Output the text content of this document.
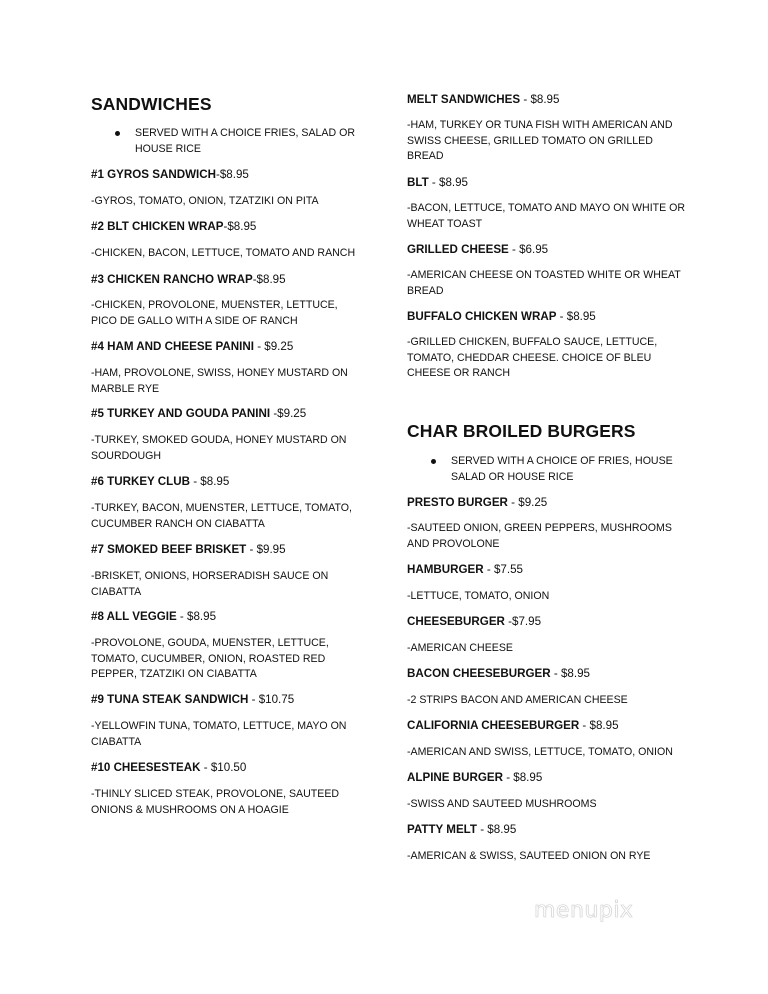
SANDWICHES
SERVED WITH A CHOICE FRIES, SALAD OR HOUSE RICE
#1 GYROS SANDWICH-$8.95
-GYROS, TOMATO, ONION, TZATZIKI ON PITA
#2 BLT CHICKEN WRAP-$8.95
-CHICKEN, BACON, LETTUCE, TOMATO AND RANCH
#3 CHICKEN RANCHO WRAP-$8.95
-CHICKEN, PROVOLONE, MUENSTER, LETTUCE, PICO DE GALLO WITH A SIDE OF RANCH
#4 HAM AND CHEESE PANINI - $9.25
-HAM, PROVOLONE, SWISS, HONEY MUSTARD ON MARBLE RYE
#5 TURKEY AND GOUDA PANINI -$9.25
-TURKEY, SMOKED GOUDA, HONEY MUSTARD ON SOURDOUGH
#6 TURKEY CLUB - $8.95
-TURKEY, BACON, MUENSTER, LETTUCE, TOMATO, CUCUMBER RANCH ON CIABATTA
#7 SMOKED BEEF BRISKET - $9.95
-BRISKET, ONIONS, HORSERADISH SAUCE ON CIABATTA
#8 ALL VEGGIE - $8.95
-PROVOLONE, GOUDA, MUENSTER, LETTUCE, TOMATO, CUCUMBER, ONION, ROASTED RED PEPPER, TZATZIKI ON CIABATTA
#9 TUNA STEAK SANDWICH - $10.75
-YELLOWFIN TUNA, TOMATO, LETTUCE, MAYO ON CIABATTA
#10 CHEESESTEAK - $10.50
-THINLY SLICED STEAK, PROVOLONE, SAUTEED ONIONS & MUSHROOMS ON A HOAGIE
MELT SANDWICHES - $8.95
-HAM, TURKEY OR TUNA FISH WITH AMERICAN AND SWISS CHEESE, GRILLED TOMATO ON GRILLED BREAD
BLT - $8.95
-BACON, LETTUCE, TOMATO AND MAYO ON WHITE OR WHEAT TOAST
GRILLED CHEESE - $6.95
-AMERICAN CHEESE ON TOASTED WHITE OR WHEAT BREAD
BUFFALO CHICKEN WRAP - $8.95
-GRILLED CHICKEN, BUFFALO SAUCE, LETTUCE, TOMATO, CHEDDAR CHEESE. CHOICE OF BLEU CHEESE OR RANCH
CHAR BROILED BURGERS
SERVED WITH A CHOICE OF FRIES, HOUSE SALAD OR HOUSE RICE
PRESTO BURGER - $9.25
-SAUTEED ONION, GREEN PEPPERS, MUSHROOMS AND PROVOLONE
HAMBURGER - $7.55
-LETTUCE, TOMATO, ONION
CHEESEBURGER -$7.95
-AMERICAN CHEESE
BACON CHEESEBURGER - $8.95
-2 STRIPS BACON AND AMERICAN CHEESE
CALIFORNIA CHEESEBURGER - $8.95
-AMERICAN AND SWISS, LETTUCE, TOMATO, ONION
ALPINE BURGER - $8.95
-SWISS AND SAUTEED MUSHROOMS
PATTY MELT - $8.95
-AMERICAN & SWISS, SAUTEED ONION ON RYE
menupix
